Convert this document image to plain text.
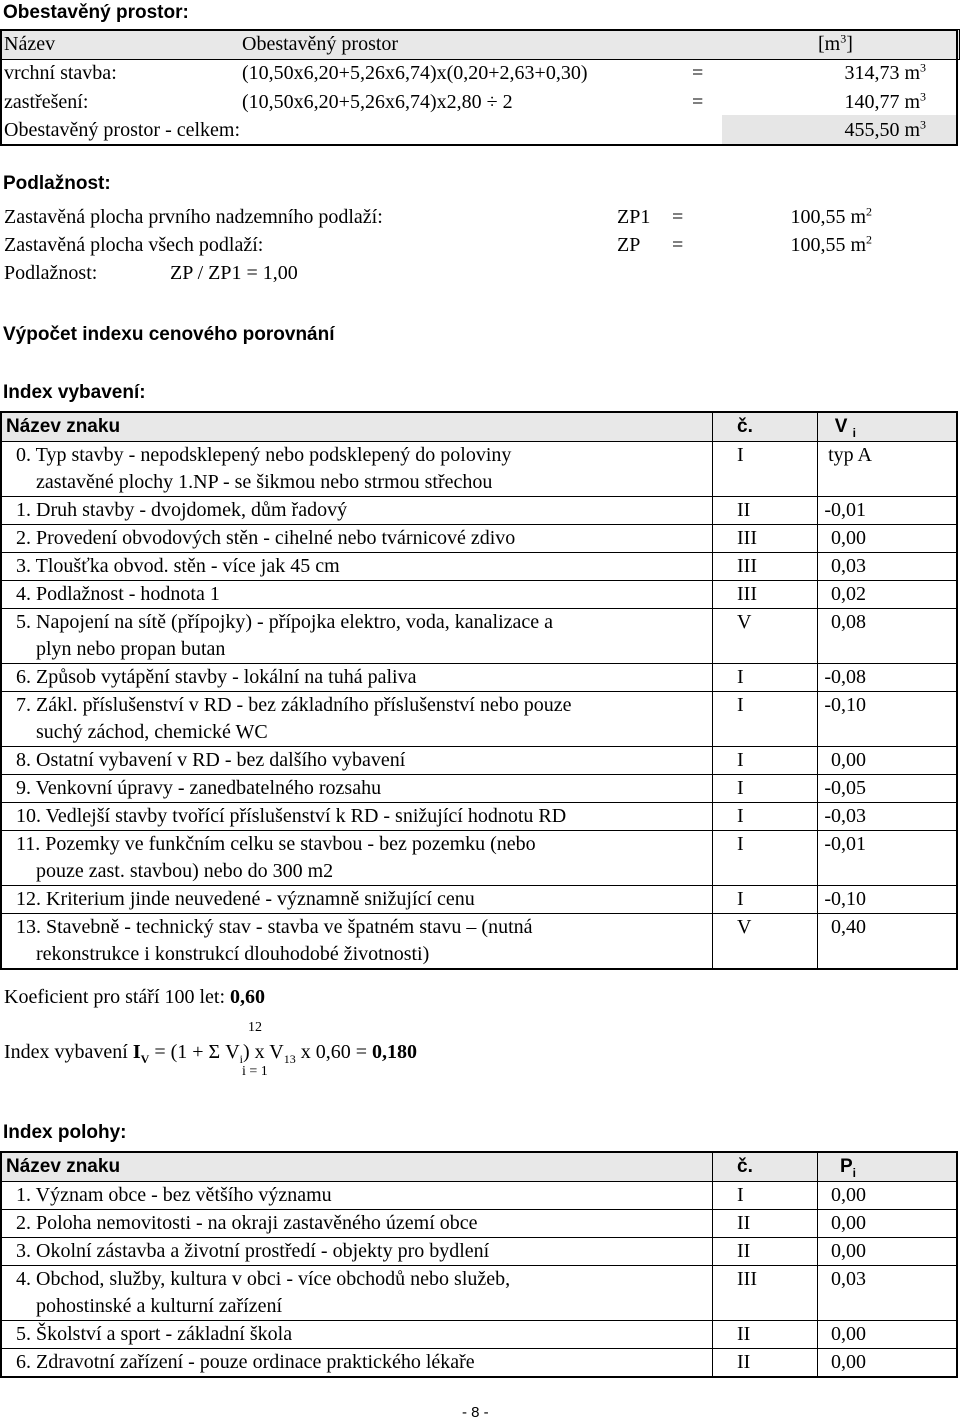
Obestavěný prostor:
Název	Obestavěný prostor	$[m^3]$
vrchní stavba:	(10,50x6,20+5,26x6,74)x(0,20+2,63+0,30)	=	314,73 $m^3$
zastřešení:	(10,50x6,20+5,26x6,74)x2,80 ÷ 2	=	140,77 $m^3$
Obestavěný prostor - celkem:	455,50 $m^3$
Podlažnost:
Zastavěná plocha prvního nadzemního podlaží:	ZP1 =	100,55 $m^2$
Zastavěná plocha všech podlaží:	ZP =	100,55 $m^2$
Podlažnost:	ZP / ZP1 = 1,00
Výpočet indexu cenového porovnání
Index vybavení:
Název znaku	č.	V $_i$
0. Typ stavby - nepodsklepený nebo podsklepený do poloviny
zastavěné plochy 1.NP - se šikmou nebo strmou střechou	I	typ A
1. Druh stavby - dvojdomek, dům řadový	II	-0,01
2. Provedení obvodových stěn - cihelné nebo tvárnicové zdivo	III	0,00
3. Tloušťka obvod. stěn - více jak 45 cm	III	0,03
4. Podlažnost - hodnota 1	III	0,02
5. Napojení na sítě (přípojky) - přípojka elektro, voda, kanalizace a
plyn nebo propan butan	V	0,08
6. Způsob vytápění stavby - lokální na tuhá paliva	I	-0,08
7. Zákl. příslušenství v RD - bez základního příslušenství nebo pouze
suchý záchod, chemické WC	I	-0,10
8. Ostatní vybavení v RD - bez dalšího vybavení	I	0,00
9. Venkovní úpravy - zanedbatelného rozsahu	I	-0,05
10. Vedlejší stavby tvořící příslušenství k RD - snižující hodnotu RD	I	-0,03
11. Pozemky ve funkčním celku se stavbou - bez pozemku (nebo
pouze zast. stavbou) nebo do 300 m2	I	-0,01
12. Kriterium jinde neuvedené - významně snižující cenu	I	-0,10
13. Stavebně - technický stav - stavba ve špatném stavu – (nutná
rekonstrukce i konstrukcí dlouhodobé životnosti)	V	0,40
Koeficient pro stáří 100 let: 0,60
12
Index vybavení $I_V = (1 + \Sigma$ $V_i$) x $V_{13}$ x 0,60 = 0,180
i = 1
Index polohy:
Název znaku	č.	$P_i$
1. Význam obce - bez většího významu	I	0,00
2. Poloha nemovitosti - na okraji zastavěného území obce	II	0,00
3. Okolní zástavba a životní prostředí - objekty pro bydlení	II	0,00
4. Obchod, služby, kultura v obci - více obchodů nebo služeb,
pohostinské a kulturní zařízení	III	0,03
5. Školství a sport - základní škola	II	0,00
6. Zdravotní zařízení - pouze ordinace praktického lékaře	II	0,00
- 8 -
